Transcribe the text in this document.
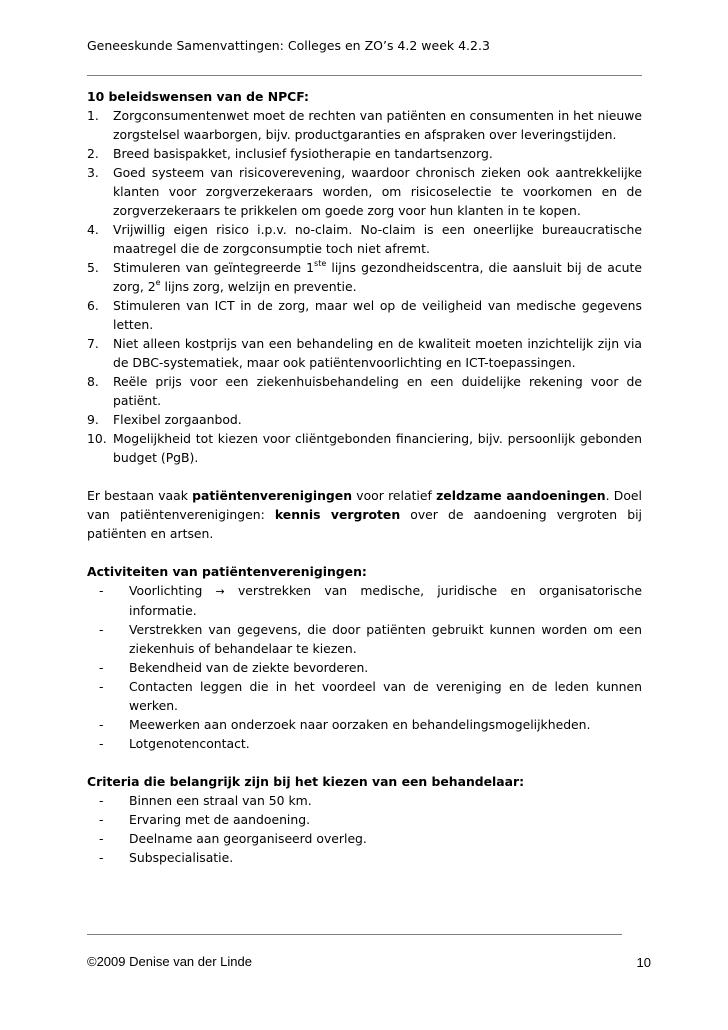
Geneeskunde Samenvattingen: Colleges en ZO’s 4.2 week 4.2.3
10 beleidswensen van de NPCF:
1.	Zorgconsumentenwet moet de rechten van patiënten en consumenten in het nieuwe zorgstelsel waarborgen, bijv. productgaranties en afspraken over leveringstijden.
2.	Breed basispakket, inclusief fysiotherapie en tandartsenzorg.
3.	Goed systeem van risicoverevening, waardoor chronisch zieken ook aantrekkelijke klanten voor zorgverzekeraars worden, om risicoselectie te voorkomen en de zorgverzekeraars te prikkelen om goede zorg voor hun klanten in te kopen.
4.	Vrijwillig eigen risico i.p.v. no-claim. No-claim is een oneerlijke bureaucratische maatregel die de zorgconsumptie toch niet afremt.
5.	Stimuleren van geïntegreerde 1ste lijns gezondheidscentra, die aansluit bij de acute zorg, 2e lijns zorg, welzijn en preventie.
6.	Stimuleren van ICT in de zorg, maar wel op de veiligheid van medische gegevens letten.
7.	Niet alleen kostprijs van een behandeling en de kwaliteit moeten inzichtelijk zijn via de DBC-systematiek, maar ook patiëntenvoorlichting en ICT-toepassingen.
8.	Reële prijs voor een ziekenhuisbehandeling en een duidelijke rekening voor de patiënt.
9.	Flexibel zorgaanbod.
10. Mogelijkheid tot kiezen voor cliëntgebonden financiering, bijv. persoonlijk gebonden budget (PgB).
Er bestaan vaak patiëntenverenigingen voor relatief zeldzame aandoeningen. Doel van patiëntenverenigingen: kennis vergroten over de aandoening vergroten bij patiënten en artsen.
Activiteiten van patiëntenverenigingen:
-	Voorlichting → verstrekken van medische, juridische en organisatorische informatie.
-	Verstrekken van gegevens, die door patiënten gebruikt kunnen worden om een ziekenhuis of behandelaar te kiezen.
-	Bekendheid van de ziekte bevorderen.
-	Contacten leggen die in het voordeel van de vereniging en de leden kunnen werken.
-	Meewerken aan onderzoek naar oorzaken en behandelingsmogelijkheden.
-	Lotgenotencontact.
Criteria die belangrijk zijn bij het kiezen van een behandelaar:
-	Binnen een straal van 50 km.
-	Ervaring met de aandoening.
-	Deelname aan georganiseerd overleg.
-	Subspecialisatie.
©2009 Denise van der Linde	10
